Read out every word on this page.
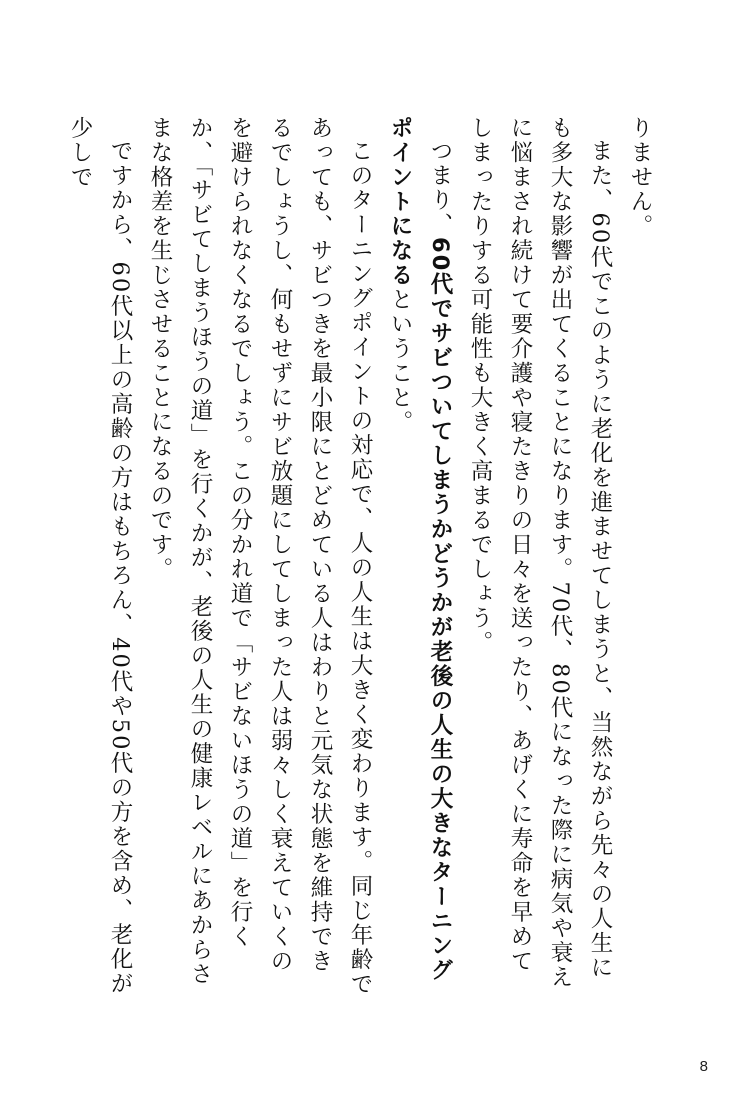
りません。

また、60代でこのように老化を進ませてしまうと、当然ながら先々の人生にも多大な影響が出てくることになります。70代、80代になった際に病気や衰えに悩まされ続けて要介護や寝たきりの日々を送ったり、あげくに寿命を早めてしまったりする可能性も大きく高まるでしょう。

つまり、60代でサビついてしまうかどうかが老後の人生の大きなターニングポイントになるということ。

このターニングポイントの対応で、人の人生は大きく変わります。同じ年齢であっても、サビつきを最小限にとどめている人はわりと元気な状態を維持できるでしょうし、何もせずにサビ放題にしてしまった人は弱々しく衰えていくのを避けられなくなるでしょう。この分かれ道で「サビないほうの道」を行くか、「サビてしまうほうの道」を行くかが、老後の人生の健康レベルにあからさまな格差を生じさせることになるのです。

ですから、60代以上の高齢の方はもちろん、40代や50代の方を含め、老化が少しで

8
